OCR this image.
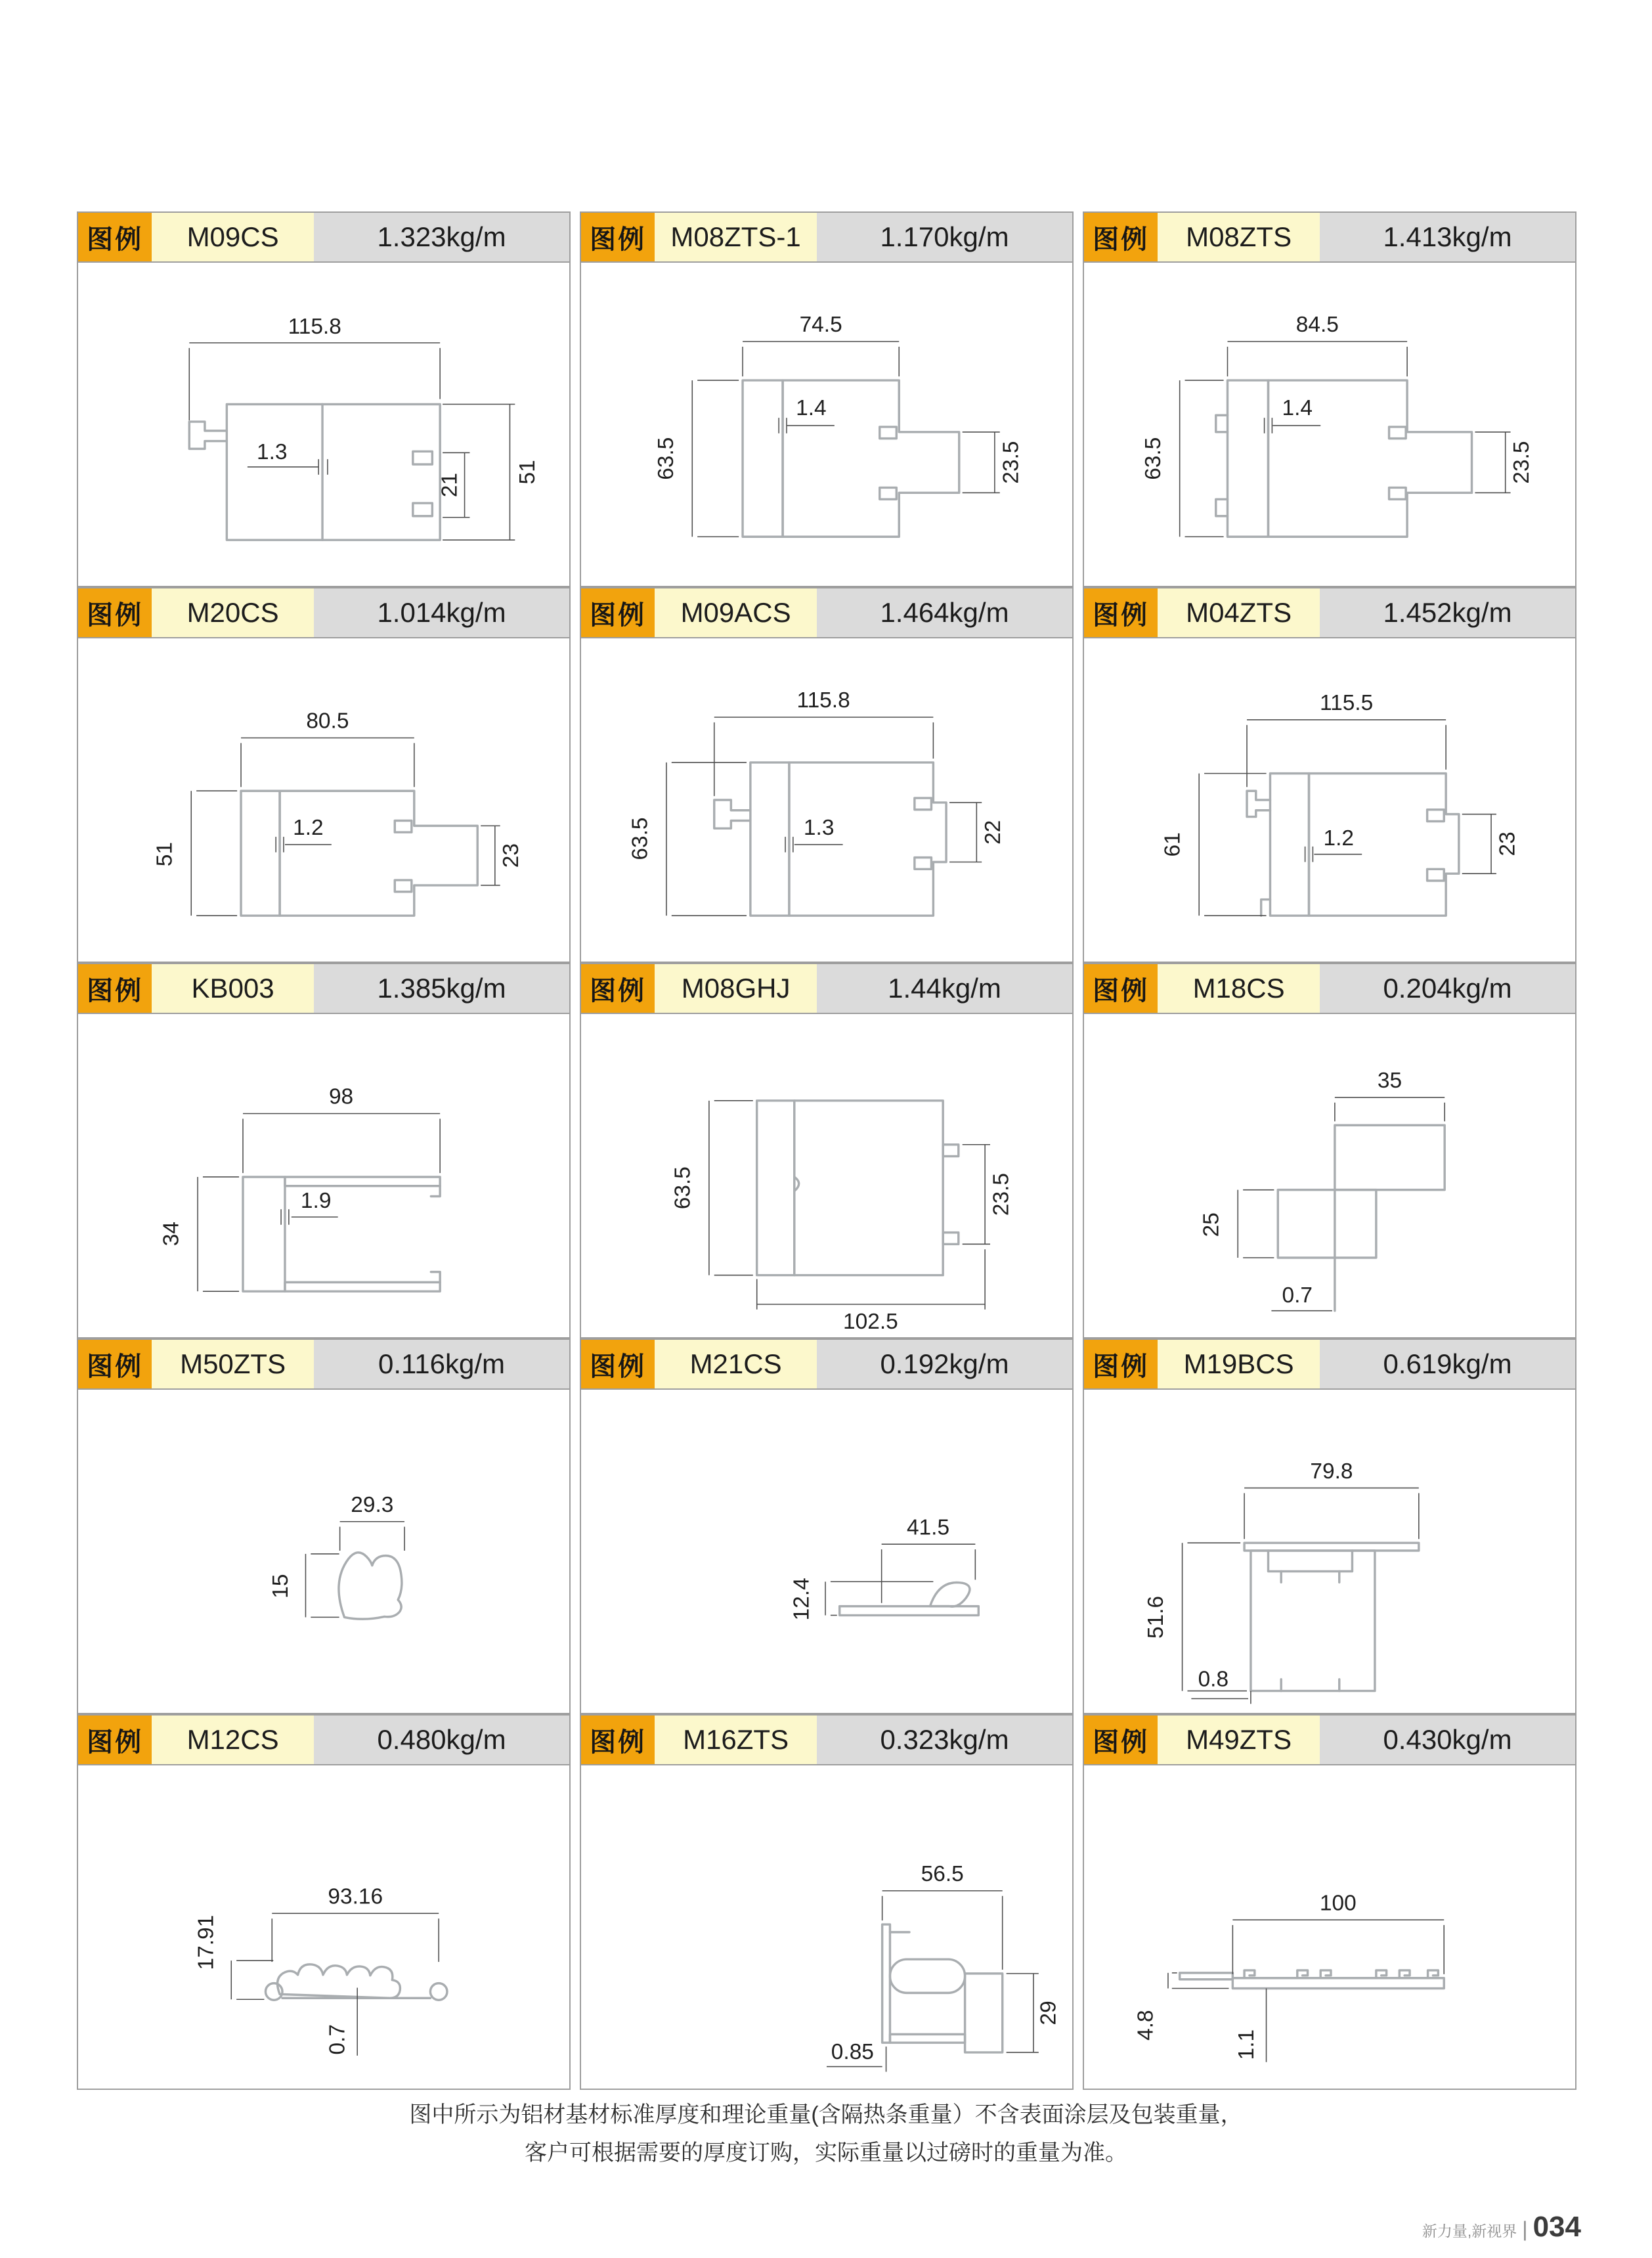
图例	M09CS	1.323kg/m
115.8
1.3
21
51
图例 M08ZTS-1	1.170kg/m
74.5
1.4
63.5	23.5
图例	M08ZTS	1.413kg/m
84.5
1.4
63.5	23.5
图例	M20CS	1.014kg/m
80.5
1.2
51	23
图例	M09ACS	1.464kg/m
115.8
1.3
63.5	22
图例	M04ZTS	1.452kg/m
115.5
1.2
61	23
图例	KB003	1.385kg/m
98
1.9
34
图例	M08GHJ	1.44kg/m
102.5
63.5	23.5
图例	M18CS	0.204kg/m
35
0.7
25
图例	M50ZTS	0.116kg/m
29.3
15
图例	M21CS	0.192kg/m
41.5
12.4
图例	M19BCS	0.619kg/m
79.8
0.8
51.6
图例	M12CS	0.480kg/m
93.16
17.91
0.7
图例	M16ZTS	0.323kg/m
56.5
0.85
29
图例	M49ZTS	0.430kg/m
100
4.8
1.1
图中所示为铝材基材标准厚度和理论重量(含隔热条重量）不含表面涂层及包装重量，
客户可根据需要的厚度订购，实际重量以过磅时的重量为准。
新力量,新视界 | 034
